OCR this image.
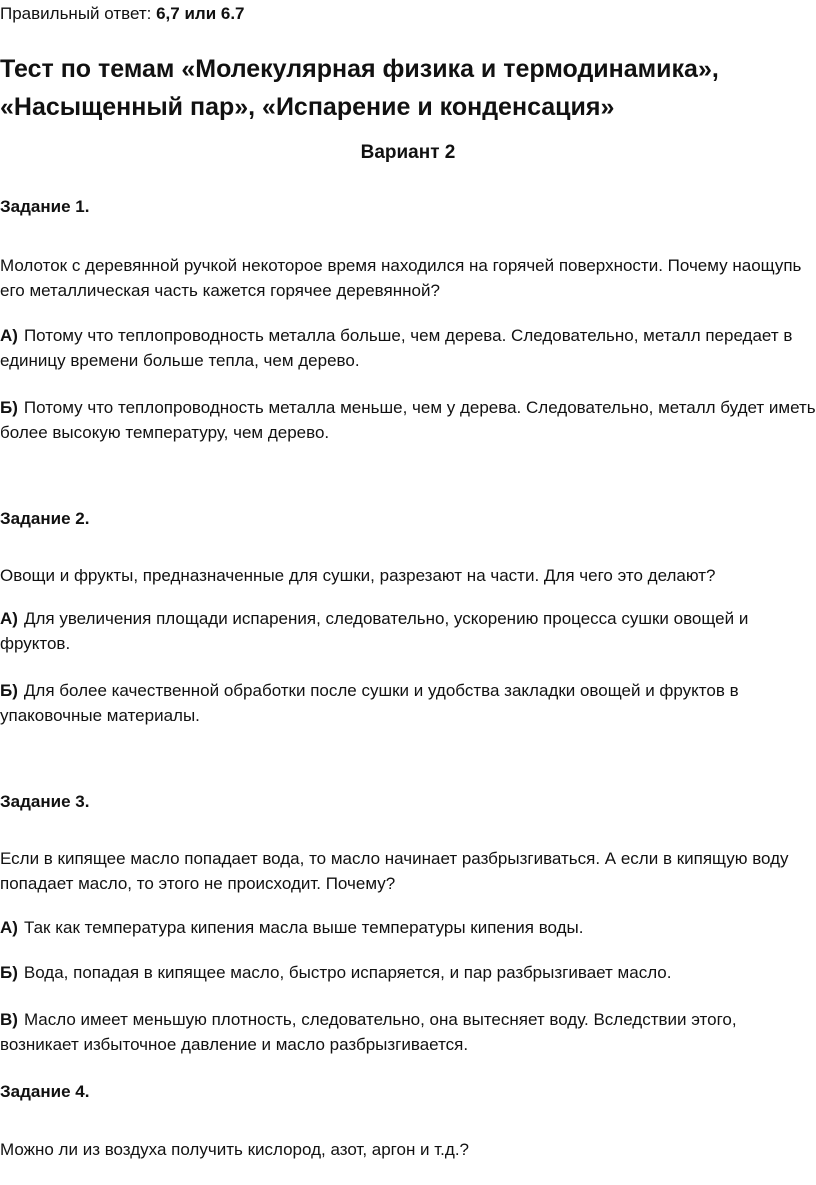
Правильный ответ: 6,7 или 6.7
Тест по темам «Молекулярная физика и термодинамика»,
«Насыщенный пар», «Испарение и конденсация»
Вариант 2
Задание 1.
Молоток с деревянной ручкой некоторое время находился на горячей поверхности. Почему наощупь
его металлическая часть кажется горячее деревянной?
А) Потому что теплопроводность металла больше, чем дерева. Следовательно, металл передает в
единицу времени больше тепла, чем дерево.
Б) Потому что теплопроводность металла меньше, чем у дерева. Следовательно, металл будет иметь
более высокую температуру, чем дерево.
Задание 2.
Овощи и фрукты, предназначенные для сушки, разрезают на части. Для чего это делают?
А) Для увеличения площади испарения, следовательно, ускорению процесса сушки овощей и
фруктов.
Б) Для более качественной обработки после сушки и удобства закладки овощей и фруктов в
упаковочные материалы.
Задание 3.
Если в кипящее масло попадает вода, то масло начинает разбрызгиваться. А если в кипящую воду
попадает масло, то этого не происходит. Почему?
А) Так как температура кипения масла выше температуры кипения воды.
Б) Вода, попадая в кипящее масло, быстро испаряется, и пар разбрызгивает масло.
В) Масло имеет меньшую плотность, следовательно, она вытесняет воду. Вследствии этого,
возникает избыточное давление и масло разбрызгивается.
Задание 4.
Можно ли из воздуха получить кислород, азот, аргон и т.д.?
